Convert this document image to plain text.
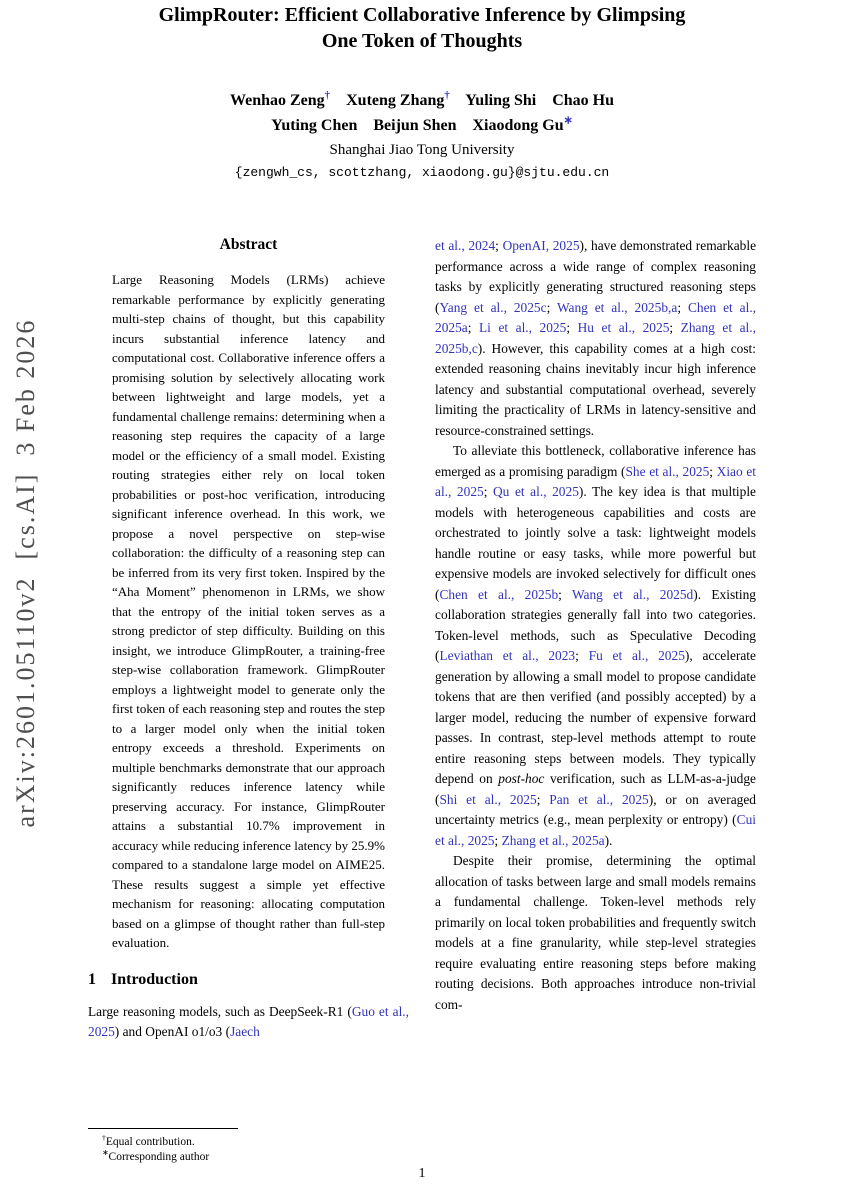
arXiv:2601.05110v2  [cs.AI]  3 Feb 2026
GlimpRouter: Efficient Collaborative Inference by Glimpsing
One Token of Thoughts
Wenhao Zeng† Xuteng Zhang† Yuling Shi Chao Hu
Yuting Chen Beijun Shen Xiaodong Gu∗
Shanghai Jiao Tong University
{zengwh_cs, scottzhang, xiaodong.gu}@sjtu.edu.cn
Abstract

Large Reasoning Models (LRMs) achieve remarkable performance by explicitly generating multi-step chains of thought, but this capability incurs substantial inference latency and computational cost. Collaborative inference offers a promising solution by selectively allocating work between lightweight and large models, yet a fundamental challenge remains: determining when a reasoning step requires the capacity of a large model or the efficiency of a small model. Existing routing strategies either rely on local token probabilities or post-hoc verification, introducing significant inference overhead. In this work, we propose a novel perspective on step-wise collaboration: the difficulty of a reasoning step can be inferred from its very first token. Inspired by the “Aha Moment” phenomenon in LRMs, we show that the entropy of the initial token serves as a strong predictor of step difficulty. Building on this insight, we introduce GlimpRouter, a training-free step-wise collaboration framework. GlimpRouter employs a lightweight model to generate only the first token of each reasoning step and routes the step to a larger model only when the initial token entropy exceeds a threshold. Experiments on multiple benchmarks demonstrate that our approach significantly reduces inference latency while preserving accuracy. For instance, GlimpRouter attains a substantial 10.7% improvement in accuracy while reducing inference latency by 25.9% compared to a standalone large model on AIME25. These results suggest a simple yet effective mechanism for reasoning: allocating computation based on a glimpse of thought rather than full-step evaluation.

1 Introduction

Large reasoning models, such as DeepSeek-R1 (Guo et al., 2025) and OpenAI o1/o3 (Jaech

†Equal contribution.
∗Corresponding author

et al., 2024; OpenAI, 2025), have demonstrated remarkable performance across a wide range of complex reasoning tasks by explicitly generating structured reasoning steps (Yang et al., 2025c; Wang et al., 2025b,a; Chen et al., 2025a; Li et al., 2025; Hu et al., 2025; Zhang et al., 2025b,c). However, this capability comes at a high cost: extended reasoning chains inevitably incur high inference latency and substantial computational overhead, severely limiting the practicality of LRMs in latency-sensitive and resource-constrained settings.

To alleviate this bottleneck, collaborative inference has emerged as a promising paradigm (She et al., 2025; Xiao et al., 2025; Qu et al., 2025). The key idea is that multiple models with heterogeneous capabilities and costs are orchestrated to jointly solve a task: lightweight models handle routine or easy tasks, while more powerful but expensive models are invoked selectively for difficult ones (Chen et al., 2025b; Wang et al., 2025d). Existing collaboration strategies generally fall into two categories. Token-level methods, such as Speculative Decoding (Leviathan et al., 2023; Fu et al., 2025), accelerate generation by allowing a small model to propose candidate tokens that are then verified (and possibly accepted) by a larger model, reducing the number of expensive forward passes. In contrast, step-level methods attempt to route entire reasoning steps between models. They typically depend on post-hoc verification, such as LLM-as-a-judge (Shi et al., 2025; Pan et al., 2025), or on averaged uncertainty metrics (e.g., mean perplexity or entropy) (Cui et al., 2025; Zhang et al., 2025a).

Despite their promise, determining the optimal allocation of tasks between large and small models remains a fundamental challenge. Token-level methods rely primarily on local token probabilities and frequently switch models at a fine granularity, while step-level strategies require evaluating entire reasoning steps before making routing decisions. Both approaches introduce non-trivial com-

1
